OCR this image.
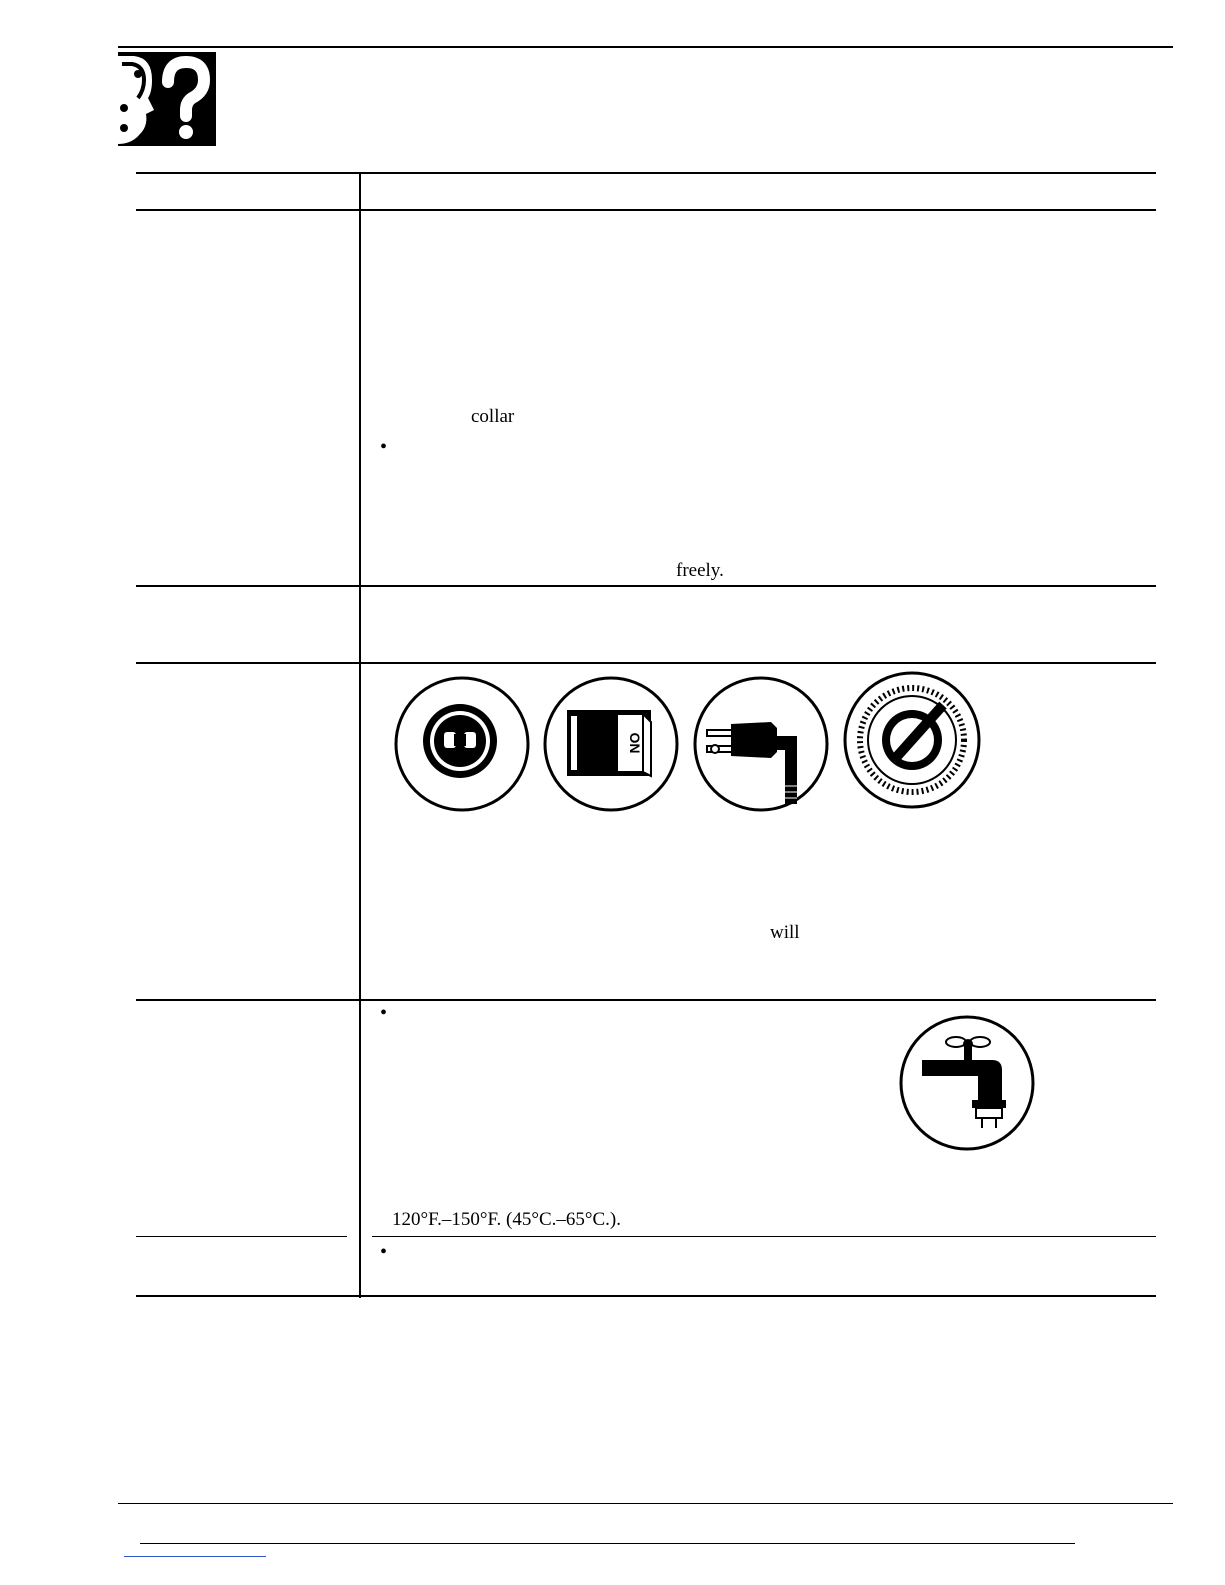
collar
•
freely.
ON
will
•
120°F.–150°F. (45°C.–65°C.).
•
